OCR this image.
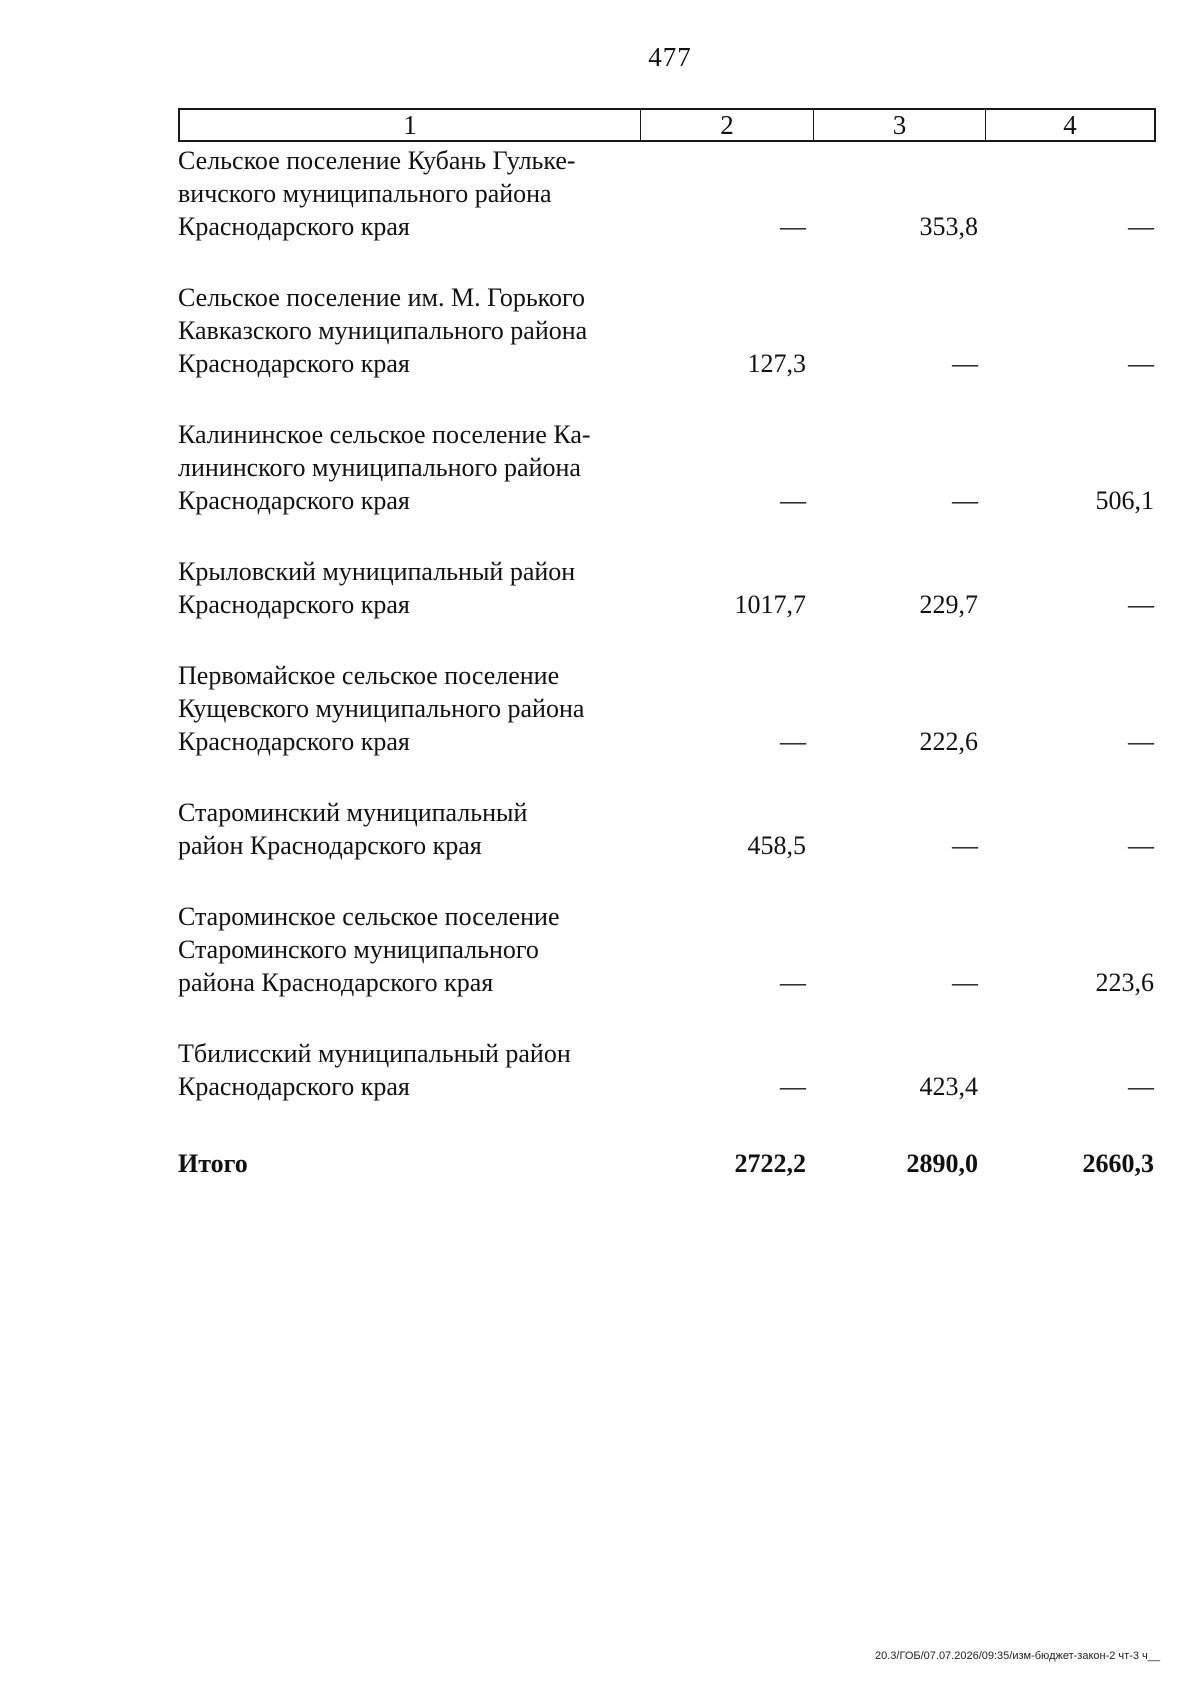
477
1	2	3	4
Сельское поселение Кубань Гульке-
вичского муниципального района
Краснодарского края	—	353,8	—
Сельское поселение им. М. Горького
Кавказского муниципального района
Краснодарского края	127,3	—	—
Калининское сельское поселение Ка-
лининского муниципального района
Краснодарского края	—	—	506,1
Крыловский муниципальный район
Краснодарского края	1017,7	229,7	—
Первомайское сельское поселение
Кущевского муниципального района
Краснодарского края	—	222,6	—
Староминский муниципальный
район Краснодарского края	458,5	—	—
Староминское сельское поселение
Староминского муниципального
района Краснодарского края	—	—	223,6
Тбилисский муниципальный район
Краснодарского края	—	423,4	—
Итого	2722,2	2890,0	2660,3
20.3/ГОБ/07.07.2026/09:35/изм-бюджет-закон-2 чт-3 ч__
